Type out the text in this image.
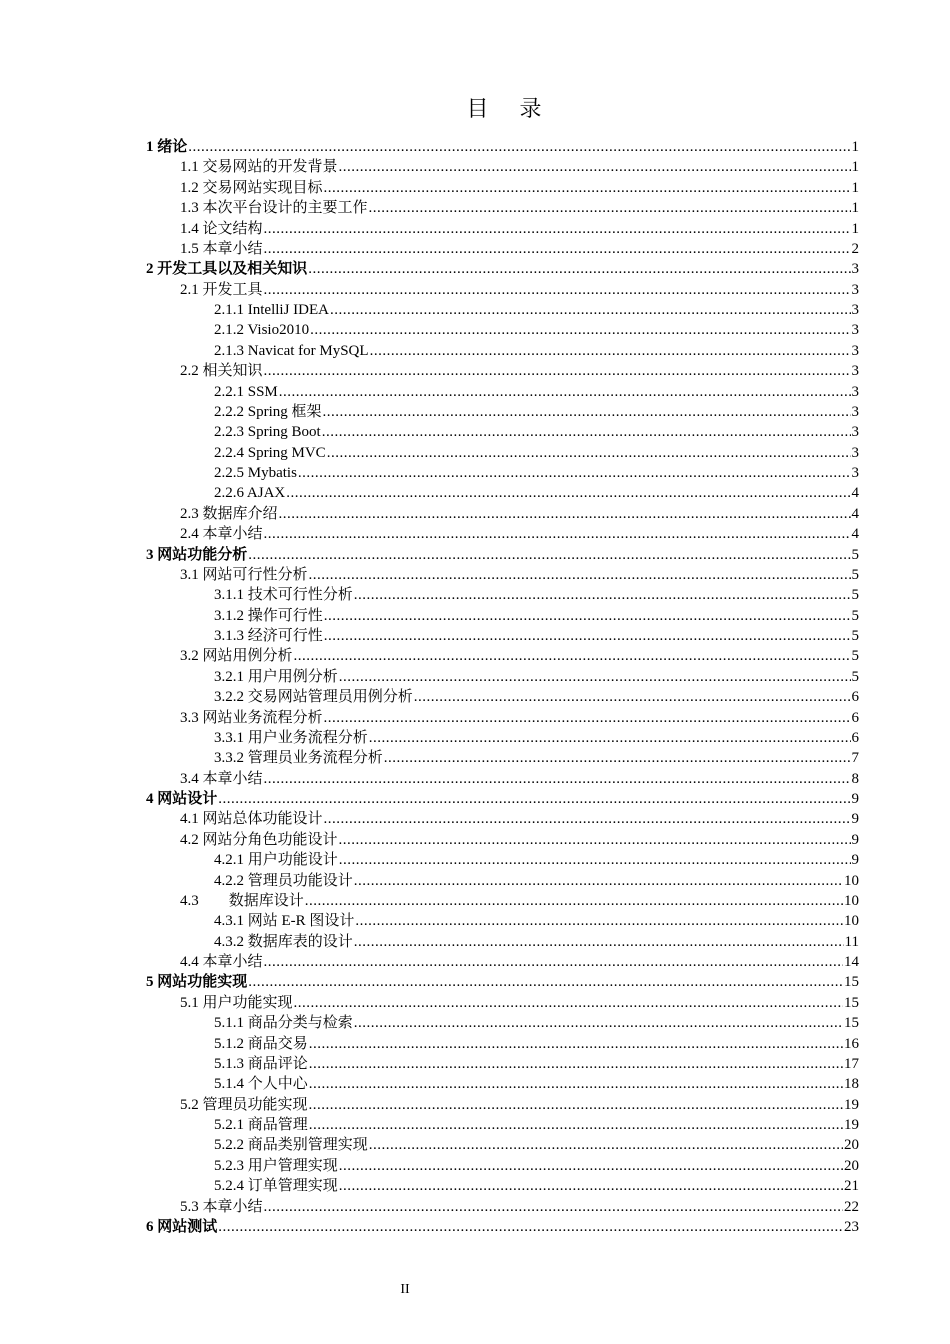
目 录
1 绪论 .....	1
1.1 交易网站的开发背景 .....	1
1.2 交易网站实现目标 .....	1
1.3 本次平台设计的主要工作 .....	1
1.4 论文结构 .....	1
1.5 本章小结 .....	2
2 开发工具以及相关知识 .....	3
2.1 开发工具 .....	3
2.1.1 IntelliJ IDEA .....	3
2.1.2 Visio2010 .....	3
2.1.3 Navicat for MySQL .....	3
2.2 相关知识 .....	3
2.2.1 SSM .....	3
2.2.2 Spring 框架 .....	3
2.2.3 Spring Boot .....	3
2.2.4 Spring MVC .....	3
2.2.5 Mybatis .....	3
2.2.6 AJAX .....	4
2.3 数据库介绍 .....	4
2.4 本章小结 .....	4
3 网站功能分析 .....	5
3.1 网站可行性分析 .....	5
3.1.1 技术可行性分析 .....	5
3.1.2 操作可行性 .....	5
3.1.3 经济可行性 .....	5
3.2 网站用例分析 .....	5
3.2.1 用户用例分析 .....	5
3.2.2 交易网站管理员用例分析 .....	6
3.3 网站业务流程分析 .....	6
3.3.1 用户业务流程分析 .....	6
3.3.2 管理员业务流程分析 .....	7
3.4 本章小结 .....	8
4 网站设计 .....	9
4.1 网站总体功能设计 .....	9
4.2 网站分角色功能设计 .....	9
4.2.1 用户功能设计 .....	9
4.2.2 管理员功能设计 .....	10
4.3 数据库设计 .....	10
4.3.1 网站 E-R 图设计 .....	10
4.3.2 数据库表的设计 .....	11
4.4 本章小结 .....	14
5 网站功能实现 .....	15
5.1 用户功能实现 .....	15
5.1.1 商品分类与检索 .....	15
5.1.2 商品交易 .....	16
5.1.3 商品评论 .....	17
5.1.4 个人中心 .....	18
5.2 管理员功能实现 .....	19
5.2.1 商品管理 .....	19
5.2.2 商品类别管理实现 .....	20
5.2.3 用户管理实现 .....	20
5.2.4 订单管理实现 .....	21
5.3 本章小结 .....	22
6 网站测试 .....	23
II
